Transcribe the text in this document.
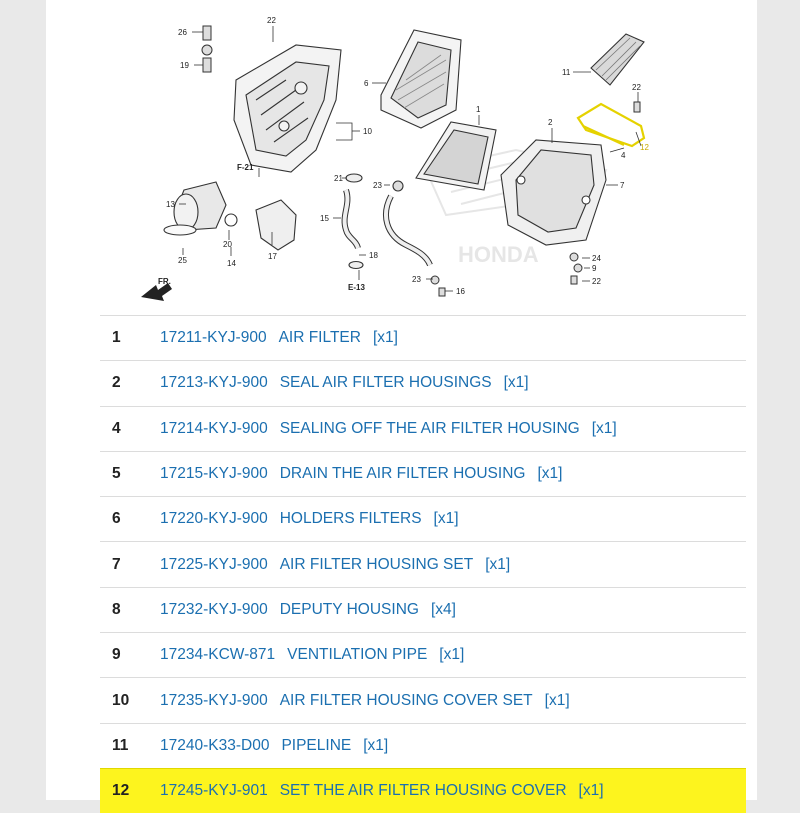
HONDA
26
19
22
6
11
22
1
2
4
12
10
7
F-21
21
23
13
15
20
17
14
25
18	24
9
22
23
16
E-13
FR.
1	17211-KYJ-900 AIR FILTER [x1]
2	17213-KYJ-900 SEAL AIR FILTER HOUSINGS [x1]
4	17214-KYJ-900 SEALING OFF THE AIR FILTER HOUSING [x1]
5	17215-KYJ-900 DRAIN THE AIR FILTER HOUSING [x1]
6	17220-KYJ-900 HOLDERS FILTERS [x1]
7	17225-KYJ-900 AIR FILTER HOUSING SET [x1]
8	17232-KYJ-900 DEPUTY HOUSING [x4]
9	17234-KCW-871 VENTILATION PIPE [x1]
10	17235-KYJ-900 AIR FILTER HOUSING COVER SET [x1]
11	17240-K33-D00 PIPELINE [x1]
12	17245-KYJ-901 SET THE AIR FILTER HOUSING COVER [x1]
